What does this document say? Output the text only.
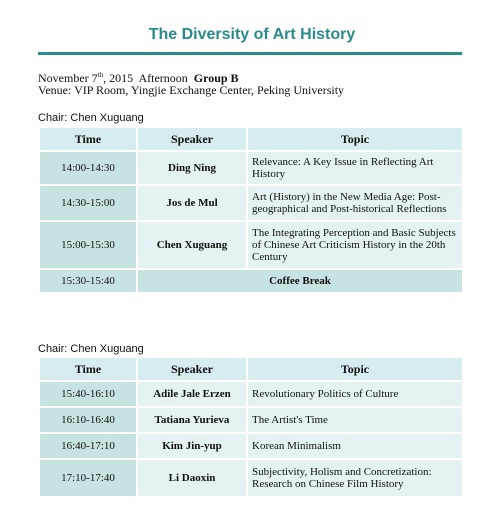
The Diversity of Art History
November 7th, 2015  Afternoon  Group B
Venue: VIP Room, Yingjie Exchange Center, Peking University
Chair: Chen Xuguang
Time	Speaker	Topic
14:00-14:30	Ding Ning	Relevance: A Key Issue in Reflecting Art History
14:30-15:00	Jos de Mul	Art (History) in the New Media Age: Post-geographical and Post-historical Reflections
15:00-15:30	Chen Xuguang	The Integrating Perception and Basic Subjects of Chinese Art Criticism History in the 20th Century
15:30-15:40	Coffee Break	
Chair: Chen Xuguang
Time	Speaker	Topic
15:40-16:10	Adile Jale Erzen	Revolutionary Politics of Culture
16:10-16:40	Tatiana Yurieva	The Artist's Time
16:40-17:10	Kim Jin-yup	Korean Minimalism
17:10-17:40	Li Daoxin	Subjectivity, Holism and Concretization: Research on Chinese Film History
